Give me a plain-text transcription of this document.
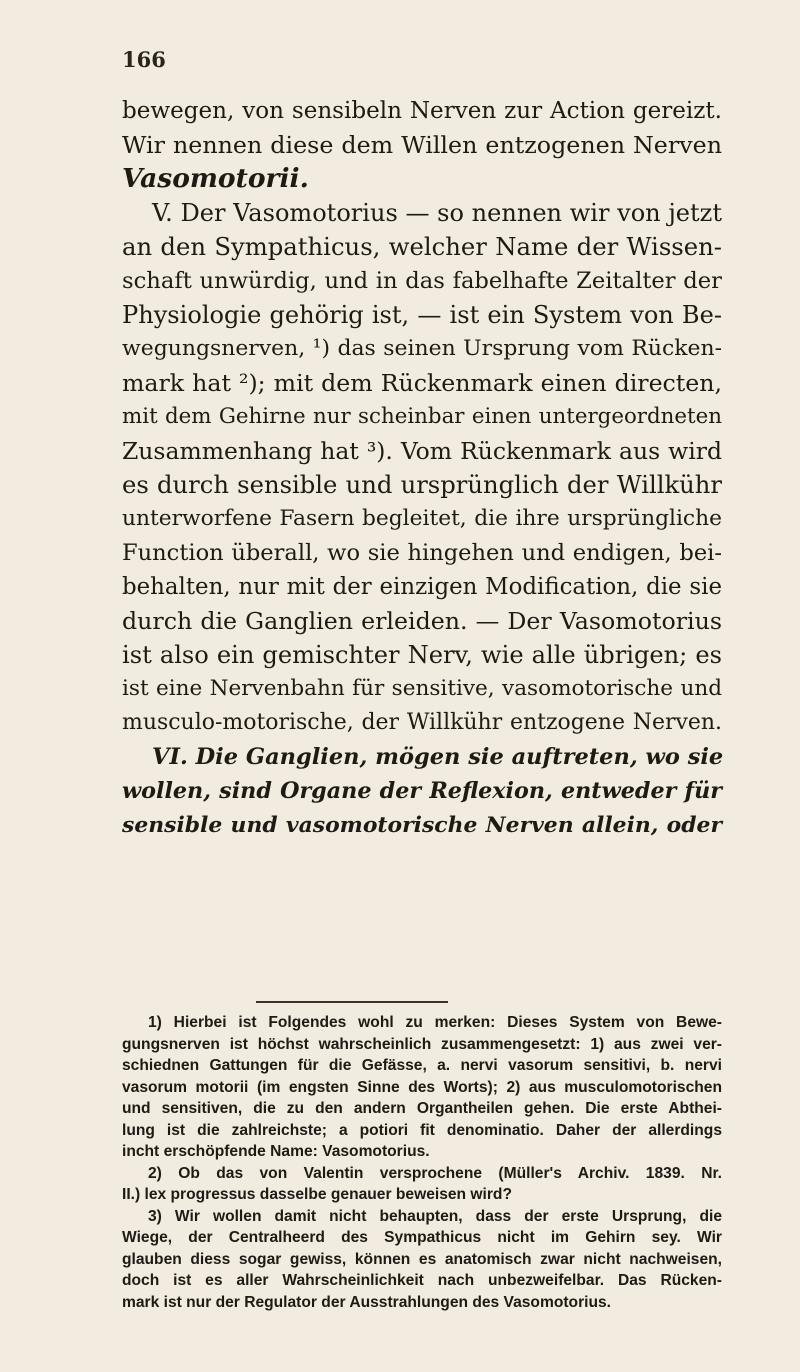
166
bewegen, von sensibeln Nerven zur Action gereizt.
Wir nennen diese dem Willen entzogenen Nerven
Vasomotorii.
V. Der Vasomotorius — so nennen wir von jetzt
an den Sympathicus, welcher Name der Wissen-
schaft unwürdig, und in das fabelhafte Zeitalter der
Physiologie gehörig ist, — ist ein System von Be-
wegungsnerven, ¹) das seinen Ursprung vom Rücken-
mark hat ²); mit dem Rückenmark einen directen,
mit dem Gehirne nur scheinbar einen untergeordneten
Zusammenhang hat ³). Vom Rückenmark aus wird
es durch sensible und ursprünglich der Willkühr
unterworfene Fasern begleitet, die ihre ursprüngliche
Function überall, wo sie hingehen und endigen, bei-
behalten, nur mit der einzigen Modification, die sie
durch die Ganglien erleiden. — Der Vasomotorius
ist also ein gemischter Nerv, wie alle übrigen; es
ist eine Nervenbahn für sensitive, vasomotorische und
musculo-motorische, der Willkühr entzogene Nerven.
VI. Die Ganglien, mögen sie auftreten, wo sie
wollen, sind Organe der Reflexion, entweder für
sensible und vasomotorische Nerven allein, oder
1) Hierbei ist Folgendes wohl zu merken: Dieses System von Bewe-
gungsnerven ist höchst wahrscheinlich zusammengesetzt: 1) aus zwei ver-
schiednen Gattungen für die Gefässe, a. nervi vasorum sensitivi, b. nervi
vasorum motorii (im engsten Sinne des Worts); 2) aus musculomotorischen
und sensitiven, die zu den andern Organtheilen gehen. Die erste Abthei-
lung ist die zahlreichste; a potiori fit denominatio. Daher der allerdings
incht erschöpfende Name: Vasomotorius.
2) Ob das von Valentin versprochene (Müller's Archiv. 1839. Nr.
II.) lex progressus dasselbe genauer beweisen wird?
3) Wir wollen damit nicht behaupten, dass der erste Ursprung, die
Wiege, der Centralheerd des Sympathicus nicht im Gehirn sey. Wir
glauben diess sogar gewiss, können es anatomisch zwar nicht nachweisen,
doch ist es aller Wahrscheinlichkeit nach unbezweifelbar. Das Rücken-
mark ist nur der Regulator der Ausstrahlungen des Vasomotorius.
